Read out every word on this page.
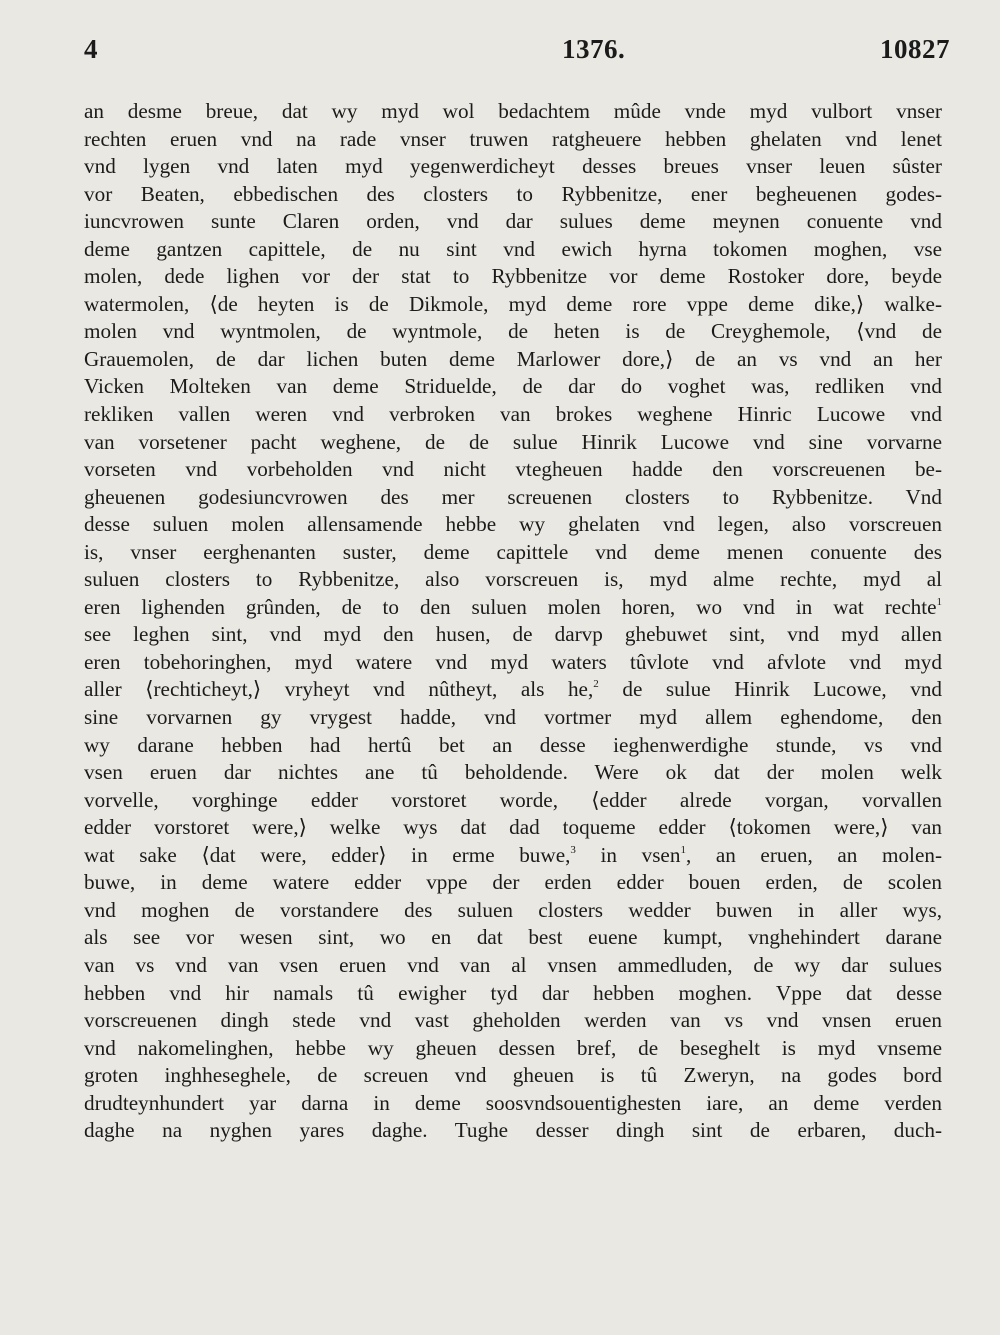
4	1376.	10827
an desme breue, dat wy myd wol bedachtem mûde vnde myd vulbort vnser
rechten eruen vnd na rade vnser truwen ratgheuere hebben ghelaten vnd lenet
vnd lygen vnd laten myd yegenwerdicheyt desses breues vnser leuen sûster
vor Beaten, ebbedischen des closters to Rybbenitze, ener begheuenen godes-
iuncvrowen sunte Claren orden, vnd dar sulues deme meynen conuente vnd
deme gantzen capittele, de nu sint vnd ewich hyrna tokomen moghen, vse
molen, dede lighen vor der stat to Rybbenitze vor deme Rostoker dore, beyde
watermolen, ⟨de heyten is de Dikmole, myd deme rore vppe deme dike,⟩ walke-
molen vnd wyntmolen, de wyntmole, de heten is de Creyghemole, ⟨vnd de
Grauemolen, de dar lichen buten deme Marlower dore,⟩ de an vs vnd an her
Vicken Molteken van deme Striduelde, de dar do voghet was, redliken vnd
rekliken vallen weren vnd verbroken van brokes weghene Hinric Lucowe vnd
van vorsetener pacht weghene, de de sulue Hinrik Lucowe vnd sine vorvarne
vorseten vnd vorbeholden vnd nicht vtegheuen hadde den vorscreuenen be-
gheuenen godesiuncvrowen des mer screuenen closters to Rybbenitze. Vnd
desse suluen molen allensamende hebbe wy ghelaten vnd legen, also vorscreuen
is, vnser eerghenanten suster, deme capittele vnd deme menen conuente des
suluen closters to Rybbenitze, also vorscreuen is, myd alme rechte, myd al
eren lighenden grûnden, de to den suluen molen horen, wo vnd in wat rechte$^1$
see leghen sint, vnd myd den husen, de darvp ghebuwet sint, vnd myd allen
eren tobehoringhen, myd watere vnd myd waters tûvlote vnd afvlote vnd myd
aller ⟨rechticheyt,⟩ vryheyt vnd nûtheyt, als he,$^2$ de sulue Hinrik Lucowe, vnd
sine vorvarnen gy vrygest hadde, vnd vortmer myd allem eghendome, den
wy darane hebben had hertû bet an desse ieghenwerdighe stunde, vs vnd
vsen eruen dar nichtes ane tû beholdende. Were ok dat der molen welk
vorvelle, vorghinge edder vorstoret worde, ⟨edder alrede vorgan, vorvallen
edder vorstoret were,⟩ welke wys dat dad toqueme edder ⟨tokomen were,⟩ van
wat sake ⟨dat were, edder⟩ in erme buwe,$^3$ in vsen$^1$, an eruen, an molen-
buwe, in deme watere edder vppe der erden edder bouen erden, de scolen
vnd moghen de vorstandere des suluen closters wedder buwen in aller wys,
als see vor wesen sint, wo en dat best euene kumpt, vnghehindert darane
van vs vnd van vsen eruen vnd van al vnsen ammedluden, de wy dar sulues
hebben vnd hir namals tû ewigher tyd dar hebben moghen. Vppe dat desse
vorscreuenen dingh stede vnd vast gheholden werden van vs vnd vnsen eruen
vnd nakomelinghen, hebbe wy gheuen dessen bref, de beseghelt is myd vnseme
groten inghheseghele, de screuen vnd gheuen is tû Zweryn, na godes bord
drudteynhundert yar darna in deme soosvndsouentighesten iare, an deme verden
daghe na nyghen yares daghe. Tughe desser dingh sint de erbaren, duch-
